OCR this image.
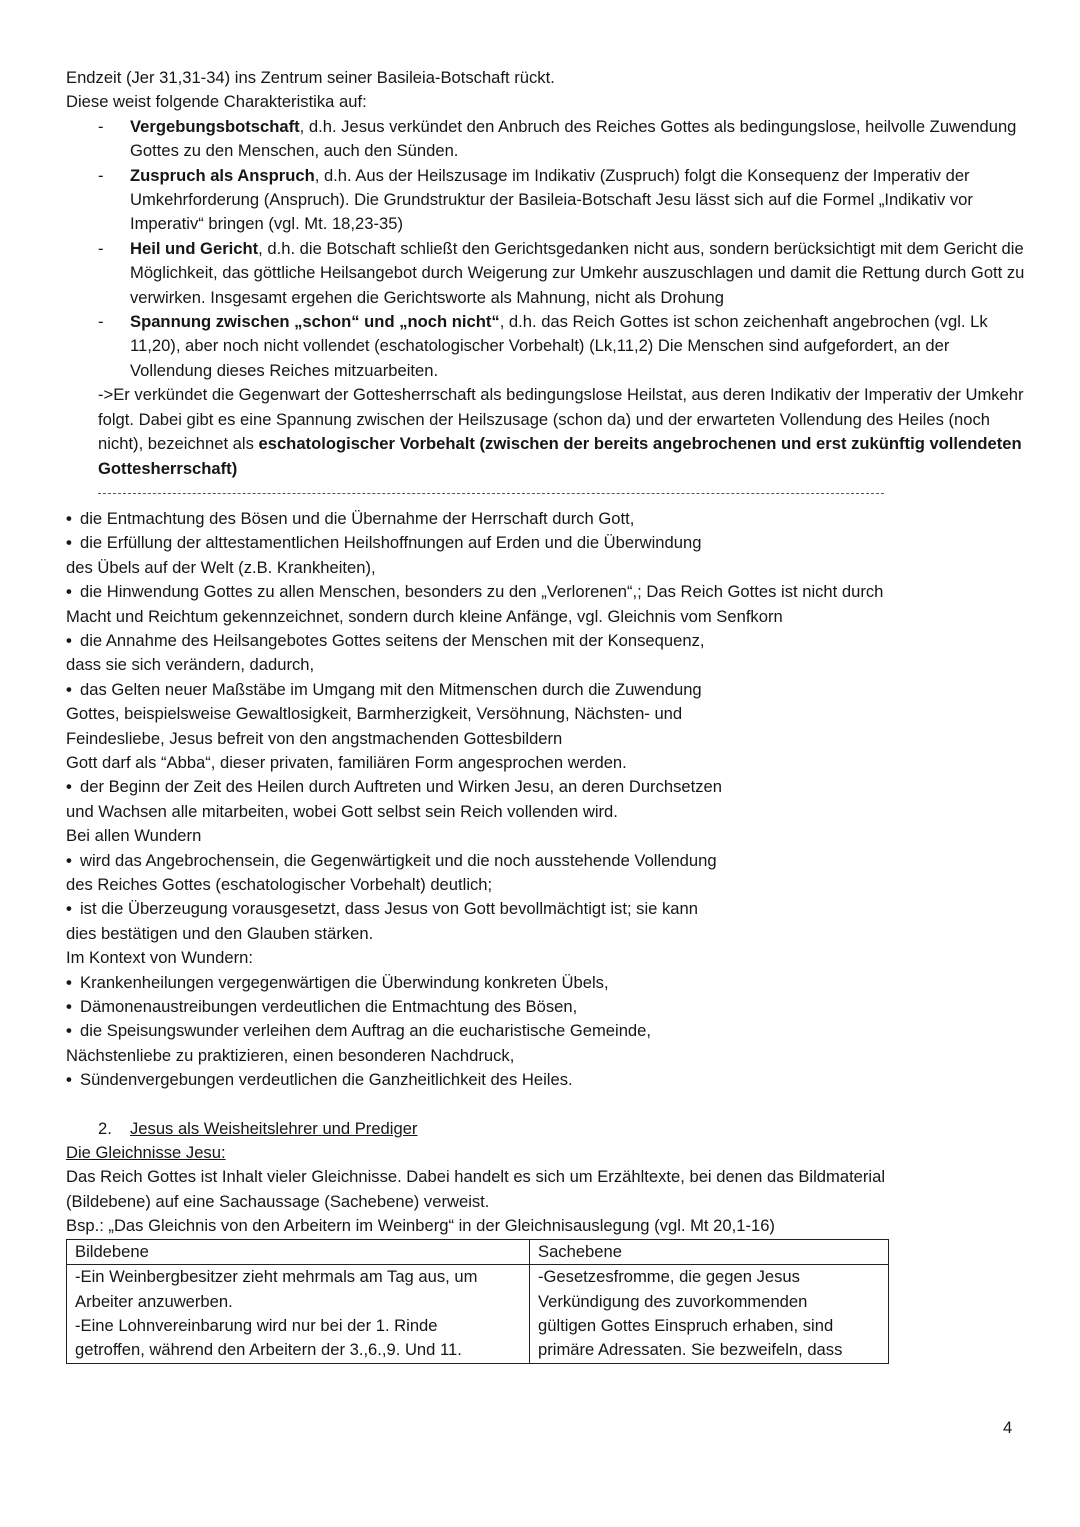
Endzeit (Jer 31,31-34) ins Zentrum seiner Basileia-Botschaft rückt.

Diese weist folgende Charakteristika auf:

- Vergebungsbotschaft, d.h. Jesus verkündet den Anbruch des Reiches Gottes als bedingungslose, heilvolle Zuwendung Gottes zu den Menschen, auch den Sünden.
- Zuspruch als Anspruch, d.h. Aus der Heilszusage im Indikativ (Zuspruch) folgt die Konsequenz der Imperativ der Umkehrforderung (Anspruch). Die Grundstruktur der Basileia-Botschaft Jesu lässt sich auf die Formel „Indikativ vor Imperativ“ bringen (vgl. Mt. 18,23-35)
- Heil und Gericht, d.h. die Botschaft schließt den Gerichtsgedanken nicht aus, sondern berücksichtigt mit dem Gericht die Möglichkeit, das göttliche Heilsangebot durch Weigerung zur Umkehr auszuschlagen und damit die Rettung durch Gott zu verwirken. Insgesamt ergehen die Gerichtsworte als Mahnung, nicht als Drohung
- Spannung zwischen „schon“ und „noch nicht“, d.h. das Reich Gottes ist schon zeichenhaft angebrochen (vgl. Lk 11,20), aber noch nicht vollendet (eschatologischer Vorbehalt) (Lk,11,2) Die Menschen sind aufgefordert, an der Vollendung dieses Reiches mitzuarbeiten.

->Er verkündet die Gegenwart der Gottesherrschaft als bedingungslose Heilstat, aus deren Indikativ der Imperativ der Umkehr folgt. Dabei gibt es eine Spannung zwischen der Heilszusage (schon da) und der erwarteten Vollendung des Heiles (noch nicht), bezeichnet als eschatologischer Vorbehalt (zwischen der bereits angebrochenen und erst zukünftig vollendeten Gottesherrschaft)

• die Entmachtung des Bösen und die Übernahme der Herrschaft durch Gott,
• die Erfüllung der alttestamentlichen Heilshoffnungen auf Erden und die Überwindung
des Übels auf der Welt (z.B. Krankheiten),
• die Hinwendung Gottes zu allen Menschen, besonders zu den „Verlorenen“,; Das Reich Gottes ist nicht durch
Macht und Reichtum gekennzeichnet, sondern durch kleine Anfänge, vgl. Gleichnis vom Senfkorn
• die Annahme des Heilsangebotes Gottes seitens der Menschen mit der Konsequenz,
dass sie sich verändern, dadurch,
• das Gelten neuer Maßstäbe im Umgang mit den Mitmenschen durch die Zuwendung
Gottes, beispielsweise Gewaltlosigkeit, Barmherzigkeit, Versöhnung, Nächsten- und
Feindesliebe, Jesus befreit von den angstmachenden Gottesbildern
Gott darf als “Abba“, dieser privaten, familiären Form angesprochen werden.
• der Beginn der Zeit des Heilen durch Auftreten und Wirken Jesu, an deren Durchsetzen
und Wachsen alle mitarbeiten, wobei Gott selbst sein Reich vollenden wird.

Bei allen Wundern

• wird das Angebrochensein, die Gegenwärtigkeit und die noch ausstehende Vollendung
des Reiches Gottes (eschatologischer Vorbehalt) deutlich;
• ist die Überzeugung vorausgesetzt, dass Jesus von Gott bevollmächtigt ist; sie kann
dies bestätigen und den Glauben stärken.

Im Kontext von Wundern:

• Krankenheilungen vergegenwärtigen die Überwindung konkreten Übels,
• Dämonenaustreibungen verdeutlichen die Entmachtung des Bösen,
• die Speisungswunder verleihen dem Auftrag an die eucharistische Gemeinde,
Nächstenliebe zu praktizieren, einen besonderen Nachdruck,
• Sündenvergebungen verdeutlichen die Ganzheitlichkeit des Heiles.

2. Jesus als Weisheitslehrer und Prediger

Die Gleichnisse Jesu:

Das Reich Gottes ist Inhalt vieler Gleichnisse. Dabei handelt es sich um Erzähltexte, bei denen das Bildmaterial
(Bildebene) auf eine Sachaussage (Sachebene) verweist.

Bsp.: „Das Gleichnis von den Arbeitern im Weinberg“ in der Gleichnisauslegung (vgl. Mt 20,1-16)

Bildebene	Sachebene

-Ein Weinbergbesitzer zieht mehrmals am Tag aus, um
Arbeiter anzuwerben.
-Eine Lohnvereinbarung wird nur bei der 1. Rinde
getroffen, während den Arbeitern der 3.,6.,9. Und 11.	-Gesetzesfromme, die gegen Jesus
Verkündigung des zuvorkommenden
gültigen Gottes Einspruch erhaben, sind
primäre Adressaten. Sie bezweifeln, dass
4
